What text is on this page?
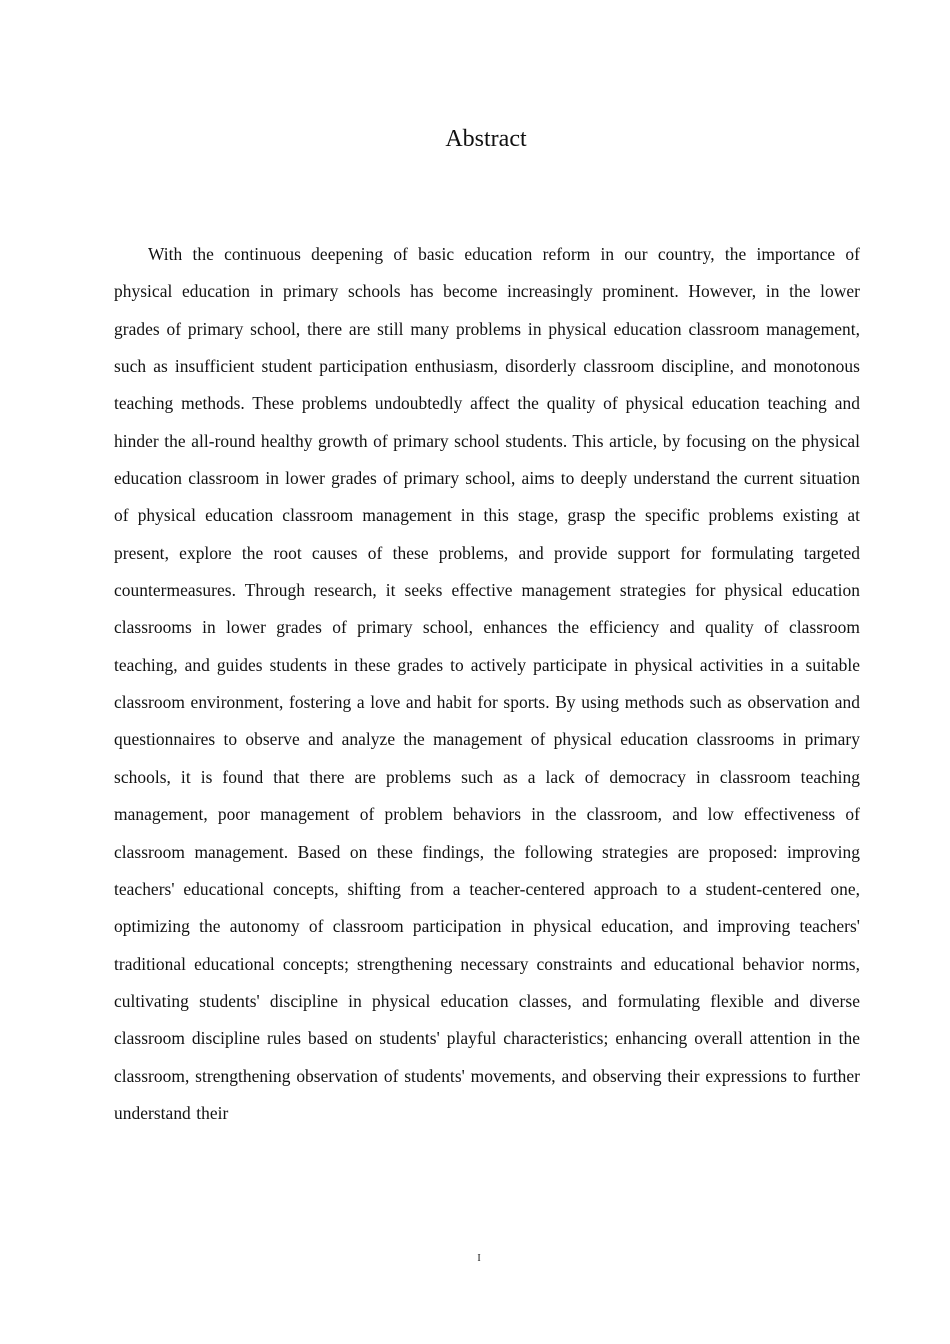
Abstract

With the continuous deepening of basic education reform in our country, the importance of physical education in primary schools has become increasingly prominent. However, in the lower grades of primary school, there are still many problems in physical education classroom management, such as insufficient student participation enthusiasm, disorderly classroom discipline, and monotonous teaching methods. These problems undoubtedly affect the quality of physical education teaching and hinder the all-round healthy growth of primary school students. This article, by focusing on the physical education classroom in lower grades of primary school, aims to deeply understand the current situation of physical education classroom management in this stage, grasp the specific problems existing at present, explore the root causes of these problems, and provide support for formulating targeted countermeasures. Through research, it seeks effective management strategies for physical education classrooms in lower grades of primary school, enhances the efficiency and quality of classroom teaching, and guides students in these grades to actively participate in physical activities in a suitable classroom environment, fostering a love and habit for sports. By using methods such as observation and questionnaires to observe and analyze the management of physical education classrooms in primary schools, it is found that there are problems such as a lack of democracy in classroom teaching management, poor management of problem behaviors in the classroom, and low effectiveness of classroom management. Based on these findings, the following strategies are proposed: improving teachers' educational concepts, shifting from a teacher-centered approach to a student-centered one, optimizing the autonomy of classroom participation in physical education, and improving teachers' traditional educational concepts; strengthening necessary constraints and educational behavior norms, cultivating students' discipline in physical education classes, and formulating flexible and diverse classroom discipline rules based on students' playful characteristics; enhancing overall attention in the classroom, strengthening observation of students' movements, and observing their expressions to further understand their

I
